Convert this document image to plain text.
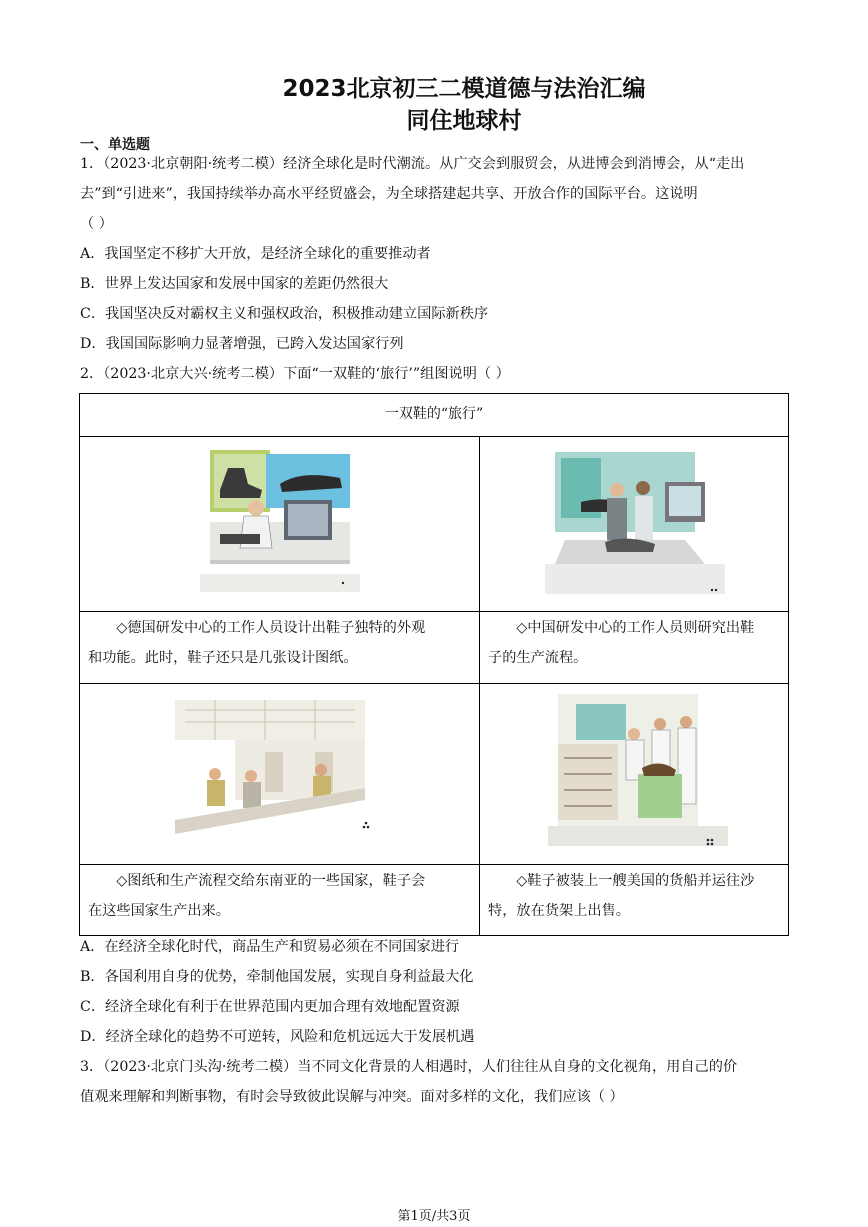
2023北京初三二模道德与法治汇编
同住地球村
一、单选题
1．（2023·北京朝阳·统考二模）经济全球化是时代潮流。从广交会到服贸会，从进博会到消博会，从“走出
去”到“引进来”，我国持续举办高水平经贸盛会，为全球搭建起共享、开放合作的国际平台。这说明
（ ）
A．我国坚定不移扩大开放，是经济全球化的重要推动者
B．世界上发达国家和发展中国家的差距仍然很大
C．我国坚决反对霸权主义和强权政治，积极推动建立国际新秩序
D．我国国际影响力显著增强，已跨入发达国家行列
2．（2023·北京大兴·统考二模）下面“一双鞋的‘旅行’”组图说明（ ）
一双鞋的“旅行”
◇德国研发中心的工作人员设计出鞋子独特的外观
和功能。此时，鞋子还只是几张设计图纸。
◇中国研发中心的工作人员则研究出鞋
子的生产流程。
◇图纸和生产流程交给东南亚的一些国家，鞋子会
在这些国家生产出来。
◇鞋子被装上一艘美国的货船并运往沙
特，放在货架上出售。
A．在经济全球化时代，商品生产和贸易必须在不同国家进行
B．各国利用自身的优势，牵制他国发展，实现自身利益最大化
C．经济全球化有利于在世界范围内更加合理有效地配置资源
D．经济全球化的趋势不可逆转，风险和危机远远大于发展机遇
3．（2023·北京门头沟·统考二模）当不同文化背景的人相遇时，人们往往从自身的文化视角，用自己的价
值观来理解和判断事物，有时会导致彼此误解与冲突。面对多样的文化，我们应该（ ）
第1页/共3页
